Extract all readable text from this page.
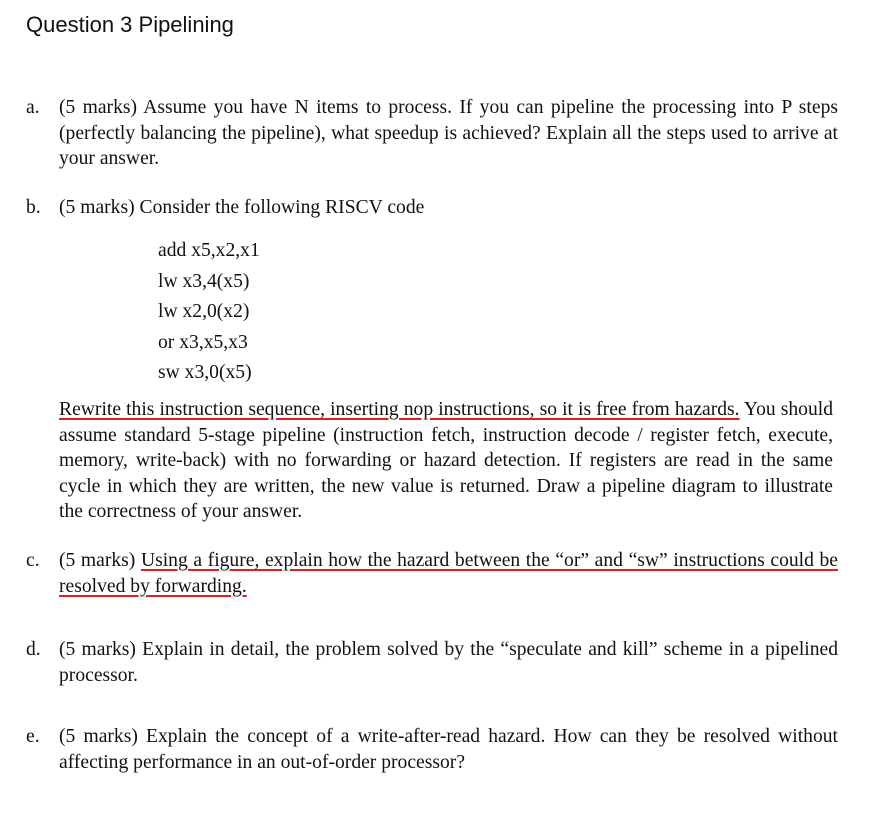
Question 3 Pipelining
a. (5 marks) Assume you have N items to process. If you can pipeline the processing into P steps (perfectly balancing the pipeline), what speedup is achieved? Explain all the steps used to arrive at your answer.
b. (5 marks) Consider the following RISCV code
add x5,x2,x1
lw x3,4(x5)
lw x2,0(x2)
or x3,x5,x3
sw x3,0(x5)
Rewrite this instruction sequence, inserting nop instructions, so it is free from hazards. You should assume standard 5-stage pipeline (instruction fetch, instruction decode / register fetch, execute, memory, write-back) with no forwarding or hazard detection. If registers are read in the same cycle in which they are written, the new value is returned. Draw a pipeline diagram to illustrate the correctness of your answer.
c. (5 marks) Using a figure, explain how the hazard between the “or” and “sw” instructions could be resolved by forwarding.
d. (5 marks) Explain in detail, the problem solved by the “speculate and kill” scheme in a pipelined processor.
e. (5 marks) Explain the concept of a write-after-read hazard. How can they be resolved without affecting performance in an out-of-order processor?
